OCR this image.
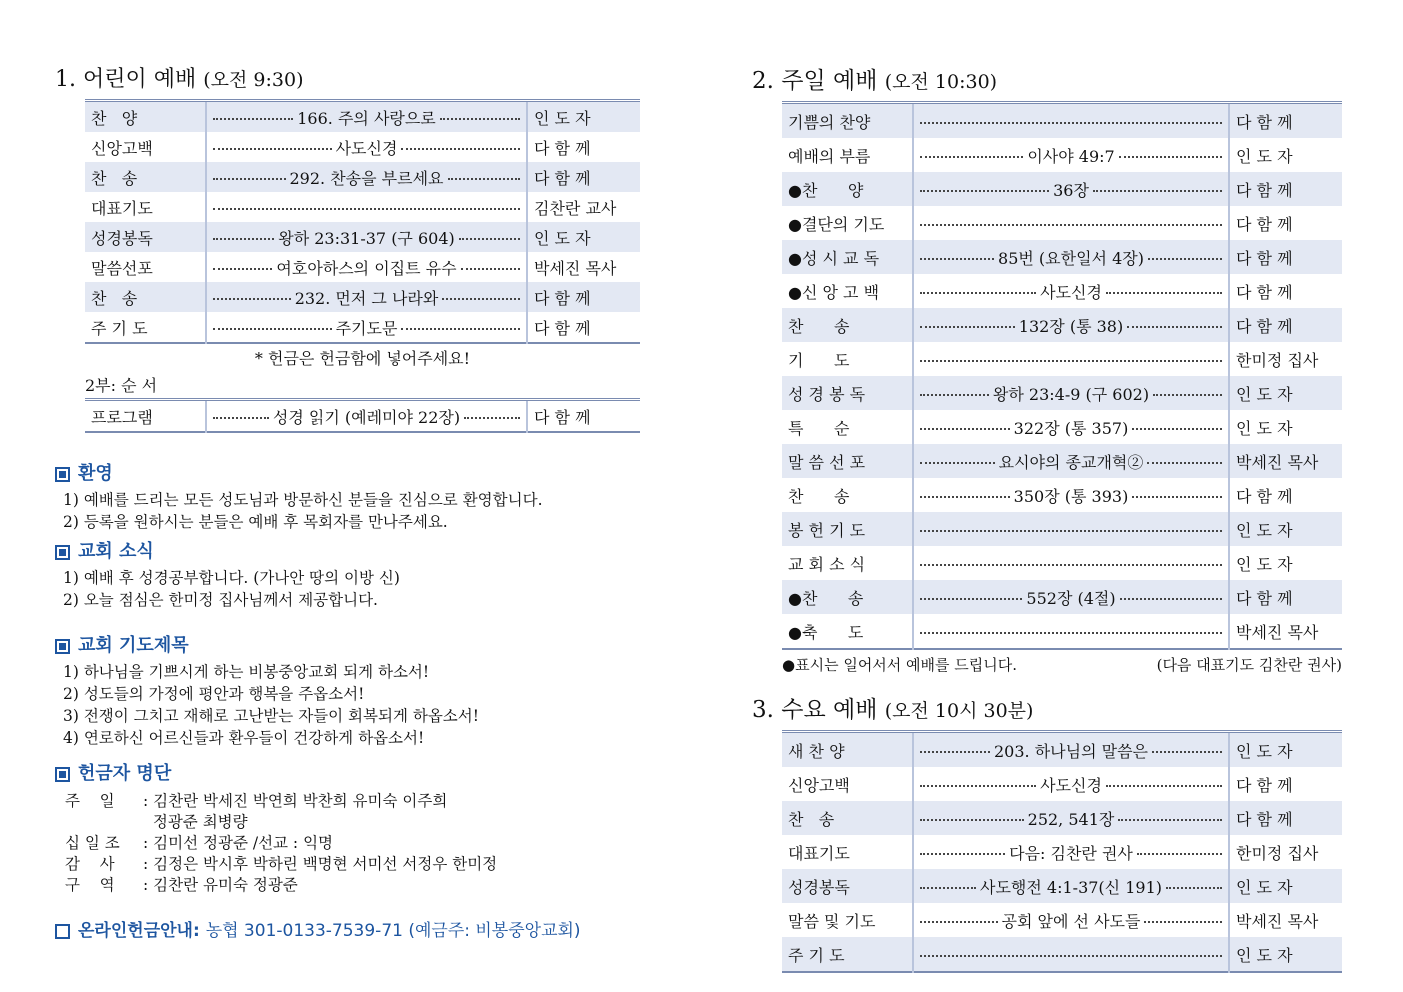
1. 어린이 예배 (오전 9:30)
찬   양	166. 주의 사랑으로	인 도 자
신앙고백	사도신경	다 함 께
찬   송	292. 찬송을 부르세요	다 함 께
대표기도		김찬란 교사
성경봉독	왕하 23:31-37 (구 604)	인 도 자
말씀선포	여호아하스의 이집트 유수	박세진 목사
찬   송	232. 먼저 그 나라와	다 함 께
주 기 도	주기도문	다 함 께
* 헌금은 헌금함에 넣어주세요!
2부: 순 서
프로그램	성경 읽기 (예레미야 22장)	다 함 께
환영
1) 예배를 드리는 모든 성도님과 방문하신 분들을 진심으로 환영합니다.
2) 등록을 원하시는 분들은 예배 후 목회자를 만나주세요.
교회 소식
1) 예배 후 성경공부합니다. (가나안 땅의 이방 신)
2) 오늘 점심은 한미정 집사님께서 제공합니다.
교회 기도제목
1) 하나님을 기쁘시게 하는 비봉중앙교회 되게 하소서!
2) 성도들의 가정에 평안과 행복을 주옵소서!
3) 전쟁이 그치고 재해로 고난받는 자들이 회복되게 하옵소서!
4) 연로하신 어르신들과 환우들이 건강하게 하옵소서!
헌금자 명단
주    일	: 김찬란 박세진 박연희 박찬희 유미숙 이주희
정광준 최병량
십 일 조	: 김미선 정광준 /선교 : 익명
감    사	: 김정은 박시후 박하린 백명현 서미선 서정우 한미정
구    역	: 김찬란 유미숙 정광준
온라인헌금안내: 농협 301-0133-7539-71 (예금주: 비봉중앙교회)
2. 주일 예배 (오전 10:30)
기쁨의 찬양		다 함 께
예배의 부름	이사야 49:7	인 도 자
●찬      양	36장	다 함 께
●결단의 기도		다 함 께
●성 시 교 독	85번 (요한일서 4장)	다 함 께
●신 앙 고 백	사도신경	다 함 께
찬      송	132장 (통 38)	다 함 께
기      도		한미정 집사
성 경 봉 독	왕하 23:4-9 (구 602)	인 도 자
특      순	322장 (통 357)	인 도 자
말 씀 선 포	요시야의 종교개혁②	박세진 목사
찬      송	350장 (통 393)	다 함 께
봉 헌 기 도		인 도 자
교 회 소 식		인 도 자
●찬      송	552장 (4절)	다 함 께
●축      도		박세진 목사
●표시는 일어서서 예배를 드립니다.	(다음 대표기도 김찬란 권사)
3. 수요 예배 (오전 10시 30분)
새 찬 양	203. 하나님의 말씀은	인 도 자
신앙고백	사도신경	다 함 께
찬   송	252, 541장	다 함 께
대표기도	다음: 김찬란 권사	한미정 집사
성경봉독	사도행전 4:1-37(신 191)	인 도 자
말씀 및 기도	공회 앞에 선 사도들	박세진 목사
주 기 도		인 도 자
